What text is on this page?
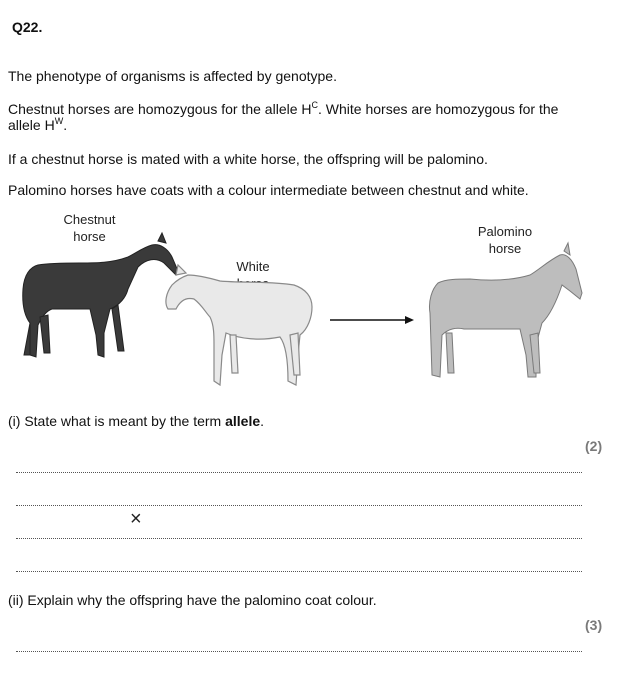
Q22.
The phenotype of organisms is affected by genotype.
Chestnut horses are homozygous for the allele $H^C$. White horses are homozygous for the
allele $H^W$.
If a chestnut horse is mated with a white horse, the offspring will be palomino.
Palomino horses have coats with a colour intermediate between chestnut and white.
Chestnut
horse
White
×
Palomino
horse
(i) State what is meant by the term allele.
(2)
(ii) Explain why the offspring have the palomino coat colour.
(3)
